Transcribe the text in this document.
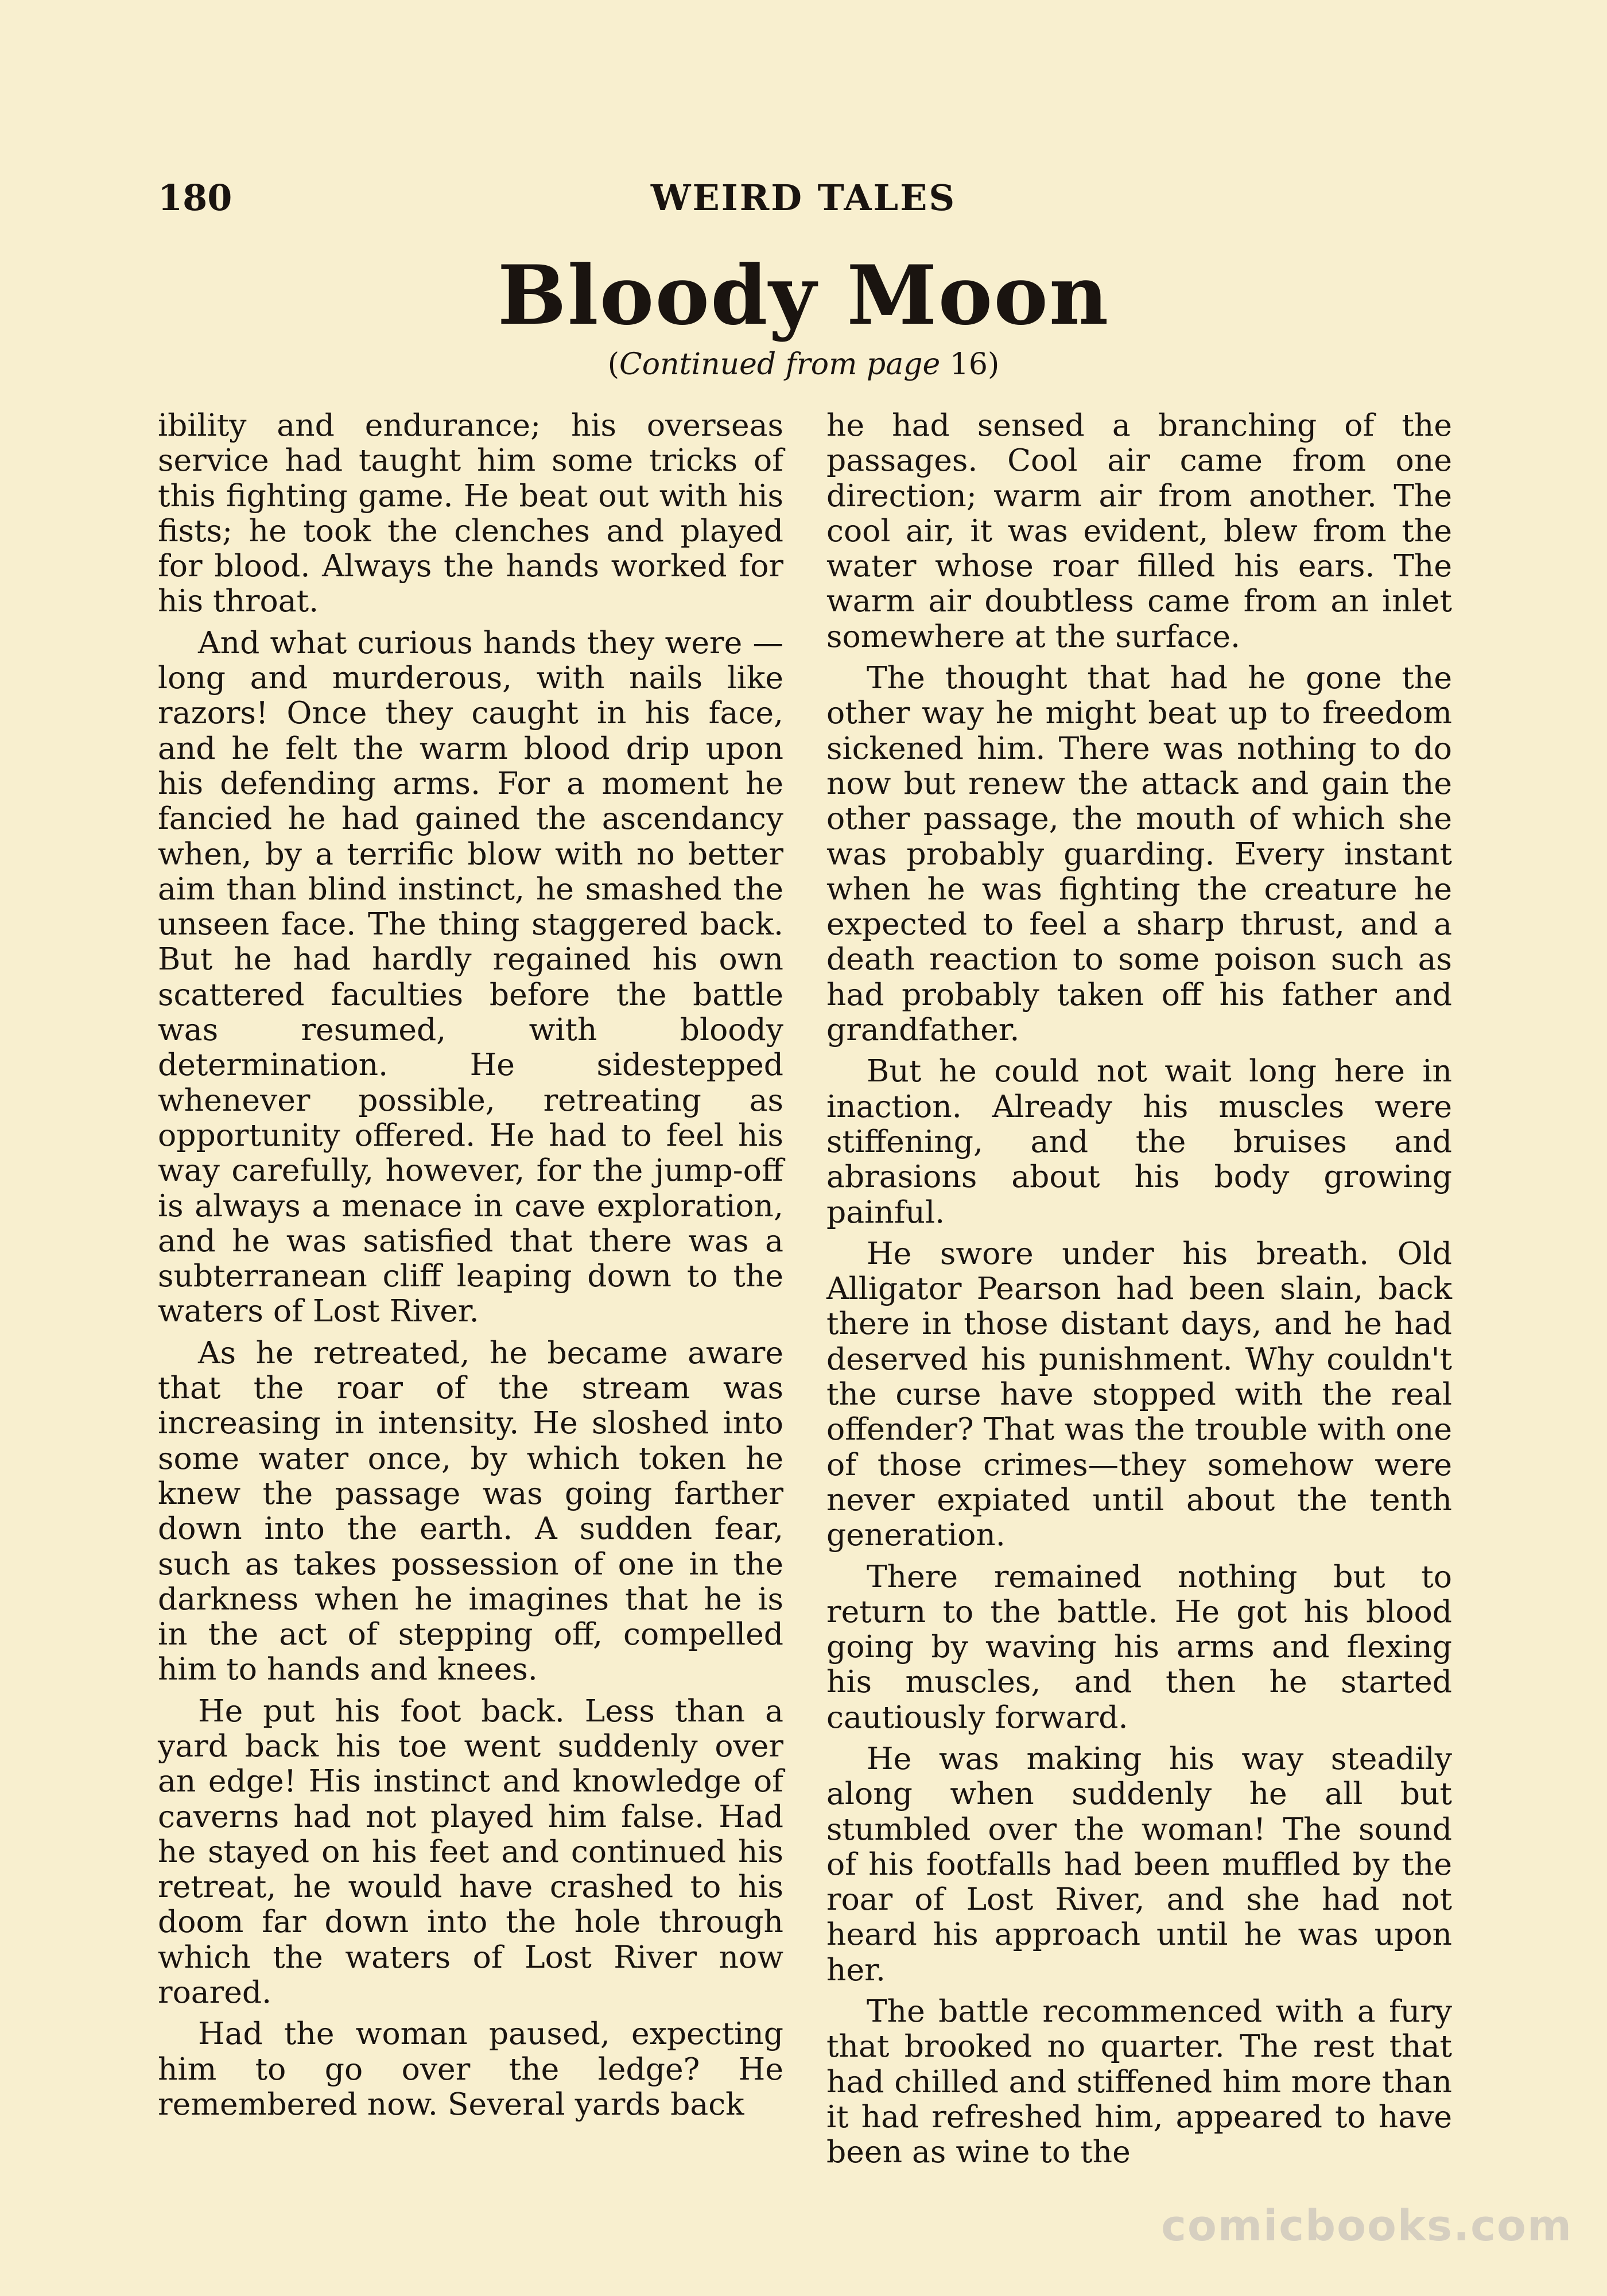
180	WEIRD TALES
Bloody Moon
(Continued from page 16)

ibility and endurance; his overseas service had taught him some tricks of this fighting game. He beat out with his fists; he took the clenches and played for blood. Always the hands worked for his throat.

And what curious hands they were —long and murderous, with nails like razors! Once they caught in his face, and he felt the warm blood drip upon his defending arms. For a moment he fancied he had gained the ascendancy when, by a terrific blow with no better aim than blind instinct, he smashed the unseen face. The thing staggered back. But he had hardly regained his own scattered faculties before the battle was resumed, with bloody determination. He sidestepped whenever possible, retreating as opportunity offered. He had to feel his way carefully, however, for the jump-off is always a menace in cave exploration, and he was satisfied that there was a subterranean cliff leaping down to the waters of Lost River.

As he retreated, he became aware that the roar of the stream was increasing in intensity. He sloshed into some water once, by which token he knew the passage was going farther down into the earth. A sudden fear, such as takes possession of one in the darkness when he imagines that he is in the act of stepping off, compelled him to hands and knees.

He put his foot back. Less than a yard back his toe went suddenly over an edge! His instinct and knowledge of caverns had not played him false. Had he stayed on his feet and continued his retreat, he would have crashed to his doom far down into the hole through which the waters of Lost River now roared.

Had the woman paused, expecting him to go over the ledge? He remembered now. Several yards back

he had sensed a branching of the passages. Cool air came from one direction; warm air from another. The cool air, it was evident, blew from the water whose roar filled his ears. The warm air doubtless came from an inlet somewhere at the surface.

The thought that had he gone the other way he might beat up to freedom sickened him. There was nothing to do now but renew the attack and gain the other passage, the mouth of which she was probably guarding. Every instant when he was fighting the creature he expected to feel a sharp thrust, and a death reaction to some poison such as had probably taken off his father and grandfather.

But he could not wait long here in inaction. Already his muscles were stiffening, and the bruises and abrasions about his body growing painful.

He swore under his breath. Old Alligator Pearson had been slain, back there in those distant days, and he had deserved his punishment. Why couldn't the curse have stopped with the real offender? That was the trouble with one of those crimes—they somehow were never expiated until about the tenth generation.

There remained nothing but to return to the battle. He got his blood going by waving his arms and flexing his muscles, and then he started cautiously forward.

He was making his way steadily along when suddenly he all but stumbled over the woman! The sound of his footfalls had been muffled by the roar of Lost River, and she had not heard his approach until he was upon her.

The battle recommenced with a fury that brooked no quarter. The rest that had chilled and stiffened him more than it had refreshed him, appeared to have been as wine to the

comicbooks.com
